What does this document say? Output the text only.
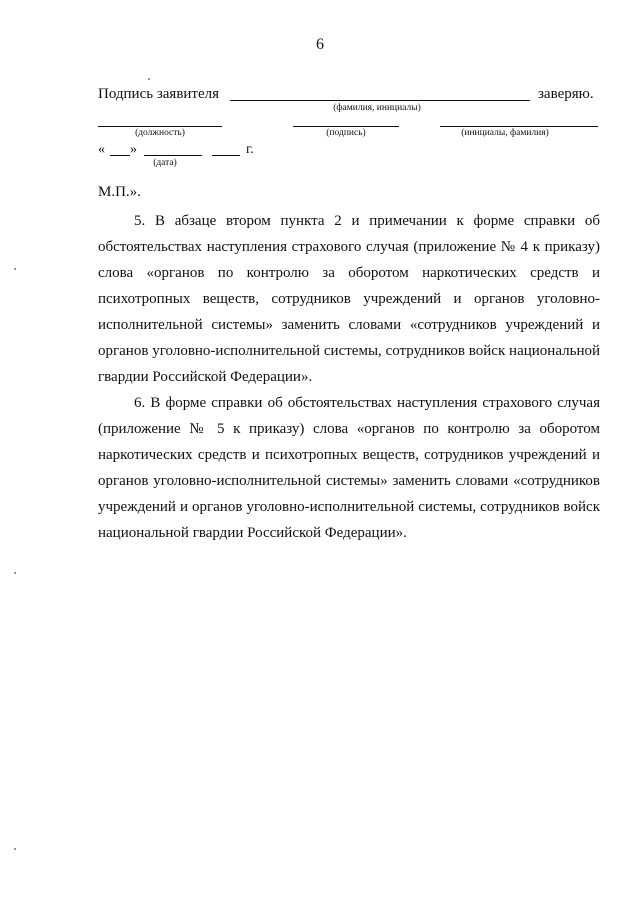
6
Подпись заявителя	заверяю.
(фамилия, инициалы)
(должность)	(подпись)	(инициалы, фамилия)
« »	г.
(дата)
М.П.».
5. В абзаце втором пункта 2 и примечании к форме справки об обстоятельствах наступления страхового случая (приложение № 4 к приказу) слова «органов по контролю за оборотом наркотических средств и психотропных веществ, сотрудников учреждений и органов уголовно-исполнительной системы» заменить словами «сотрудников учреждений и органов уголовно-исполнительной системы, сотрудников войск национальной гвардии Российской Федерации».
6. В форме справки об обстоятельствах наступления страхового случая (приложение № 5 к приказу) слова «органов по контролю за оборотом наркотических средств и психотропных веществ, сотрудников учреждений и органов уголовно-исполнительной системы» заменить словами «сотрудников учреждений и органов уголовно-исполнительной системы, сотрудников войск национальной гвардии Российской Федерации».
